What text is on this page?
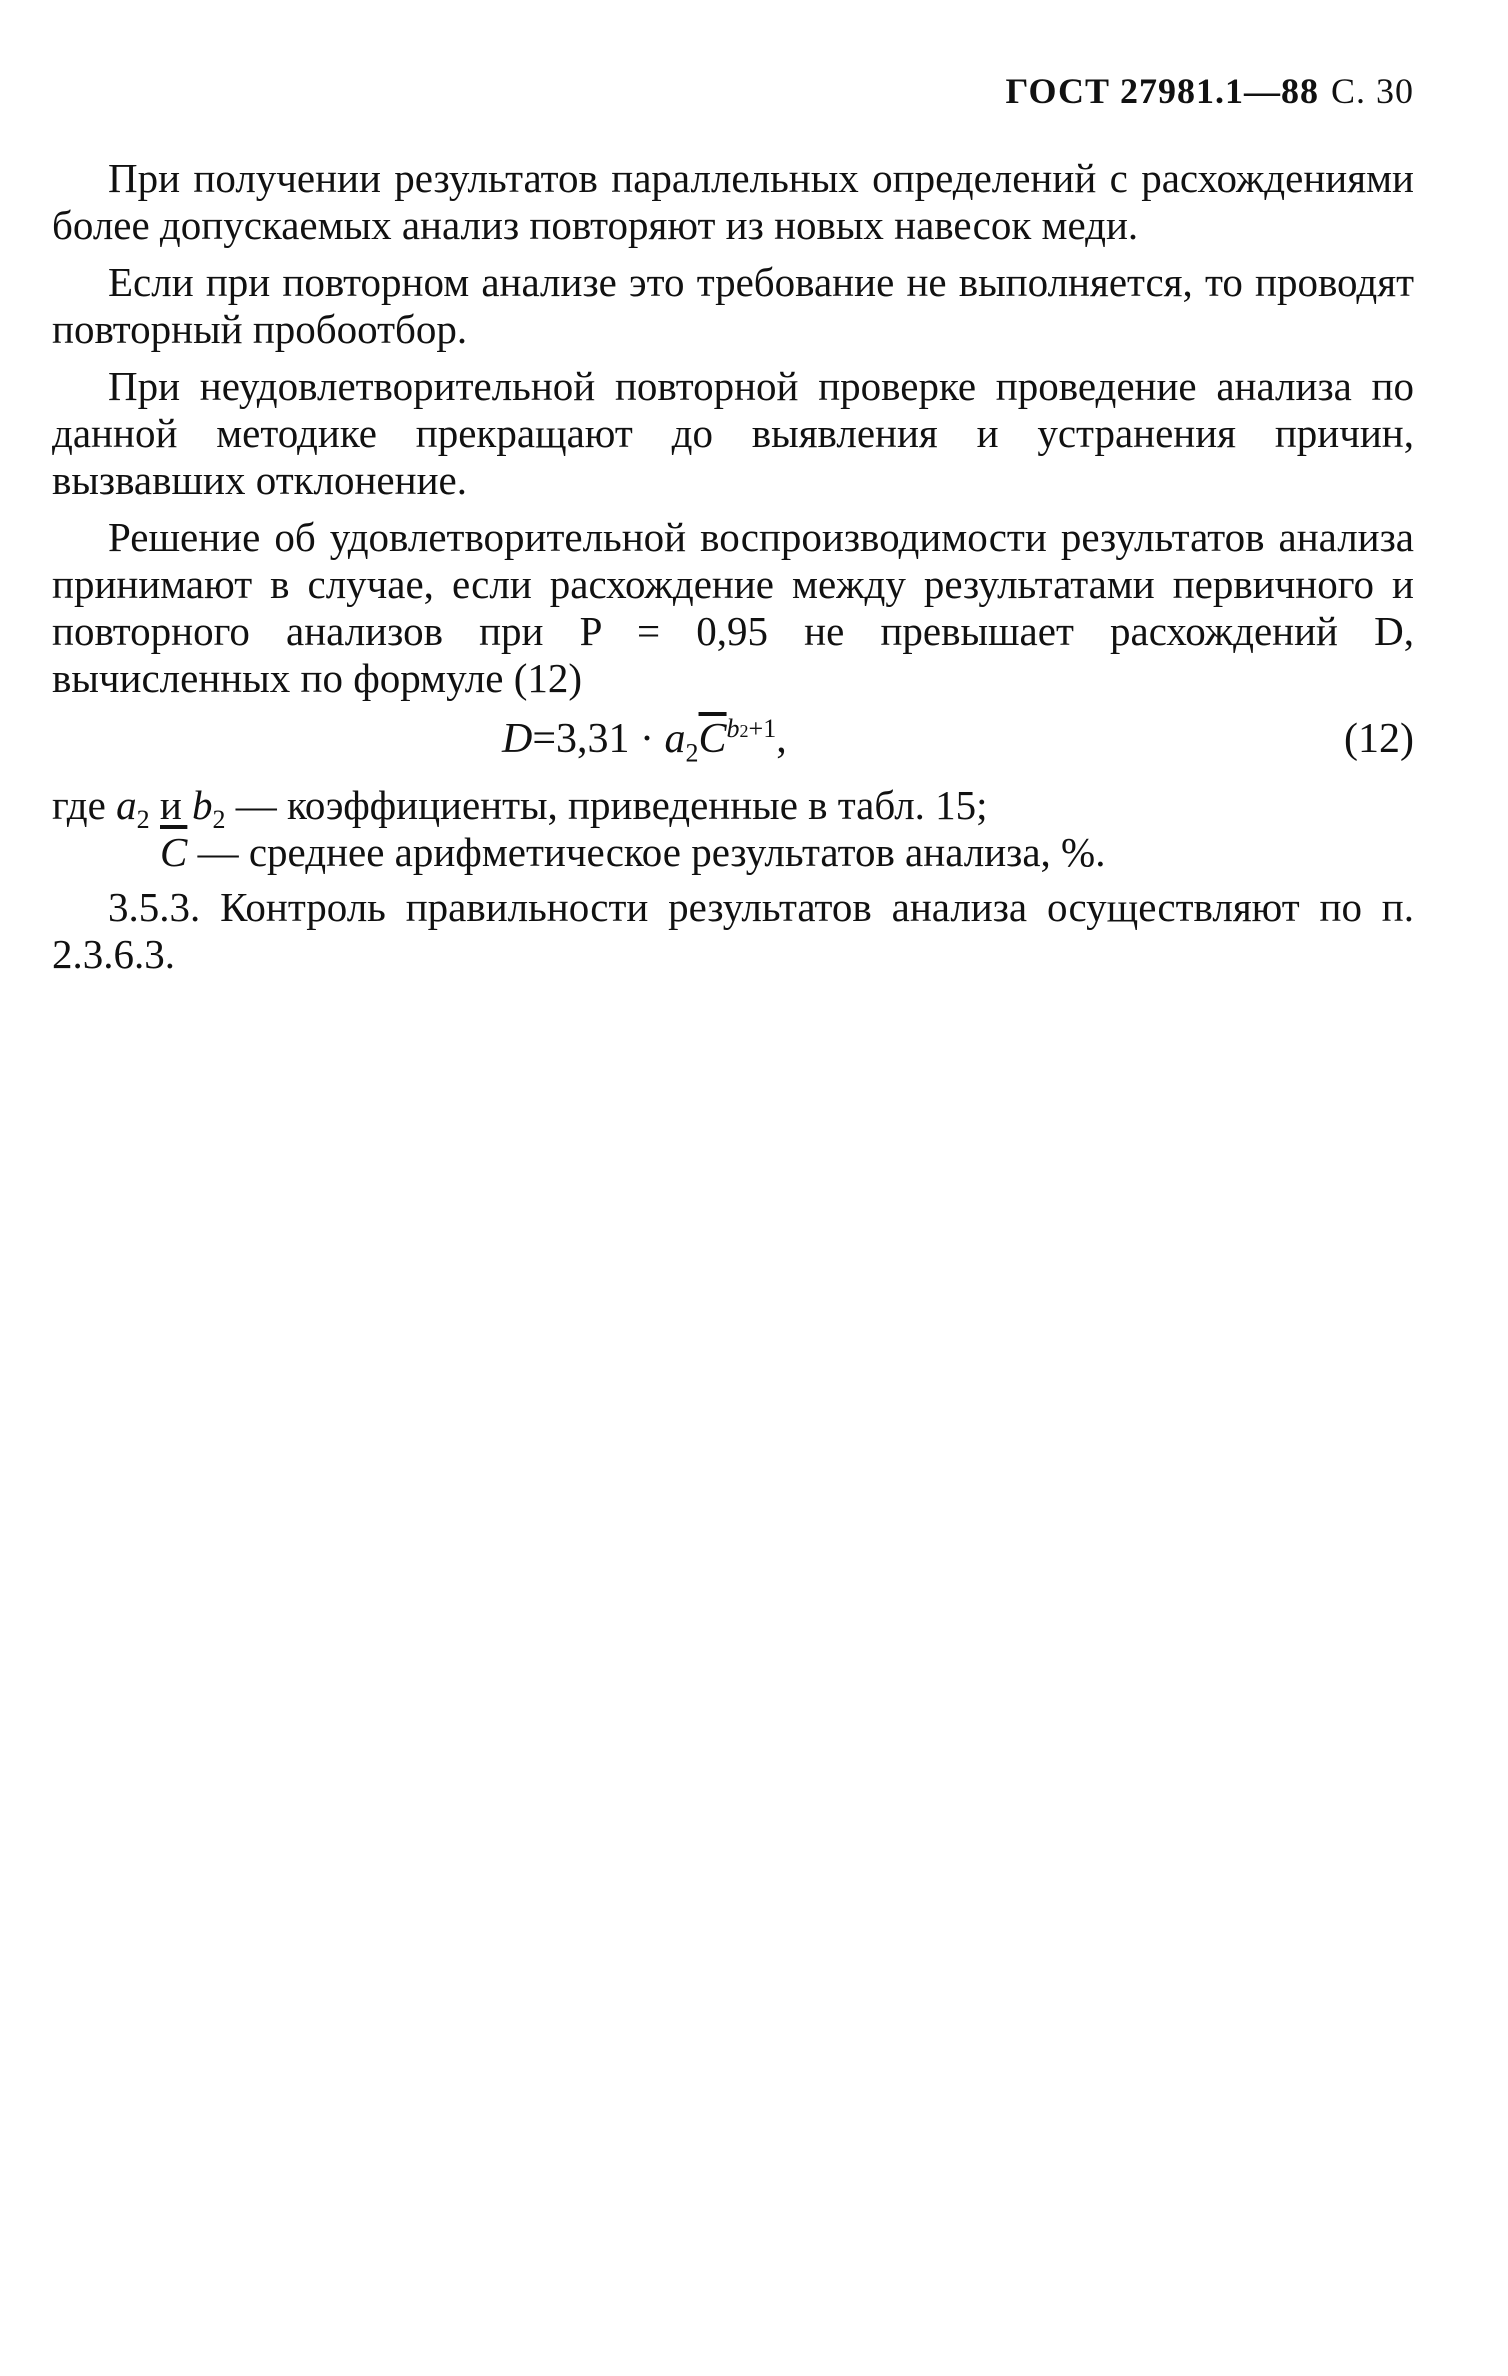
ГОСТ 27981.1—88 С. 30

При получении результатов параллельных определений с расхождениями более допускаемых анализ повторяют из новых навесок меди.

Если при повторном анализе это требование не выполняется, то проводят повторный пробоотбор.

При неудовлетворительной повторной проверке проведение анализа по данной методике прекращают до выявления и устранения причин, вызвавших отклонение.

Решение об удовлетворительной воспроизводимости результатов анализа принимают в случае, если расхождение между результатами первичного и повторного анализов при P = 0,95 не превышает расхождений D, вычисленных по формуле (12)

$D=3,31 \cdot a_2\overline{C}^{b2+1}$,	(12)

где $a_2$ и $b_2$ — коэффициенты, приведенные в табл. 15;

$\overline{C}$ — среднее арифметическое результатов анализа, %.

3.5.3. Контроль правильности результатов анализа осуществляют по п. 2.3.6.3.
